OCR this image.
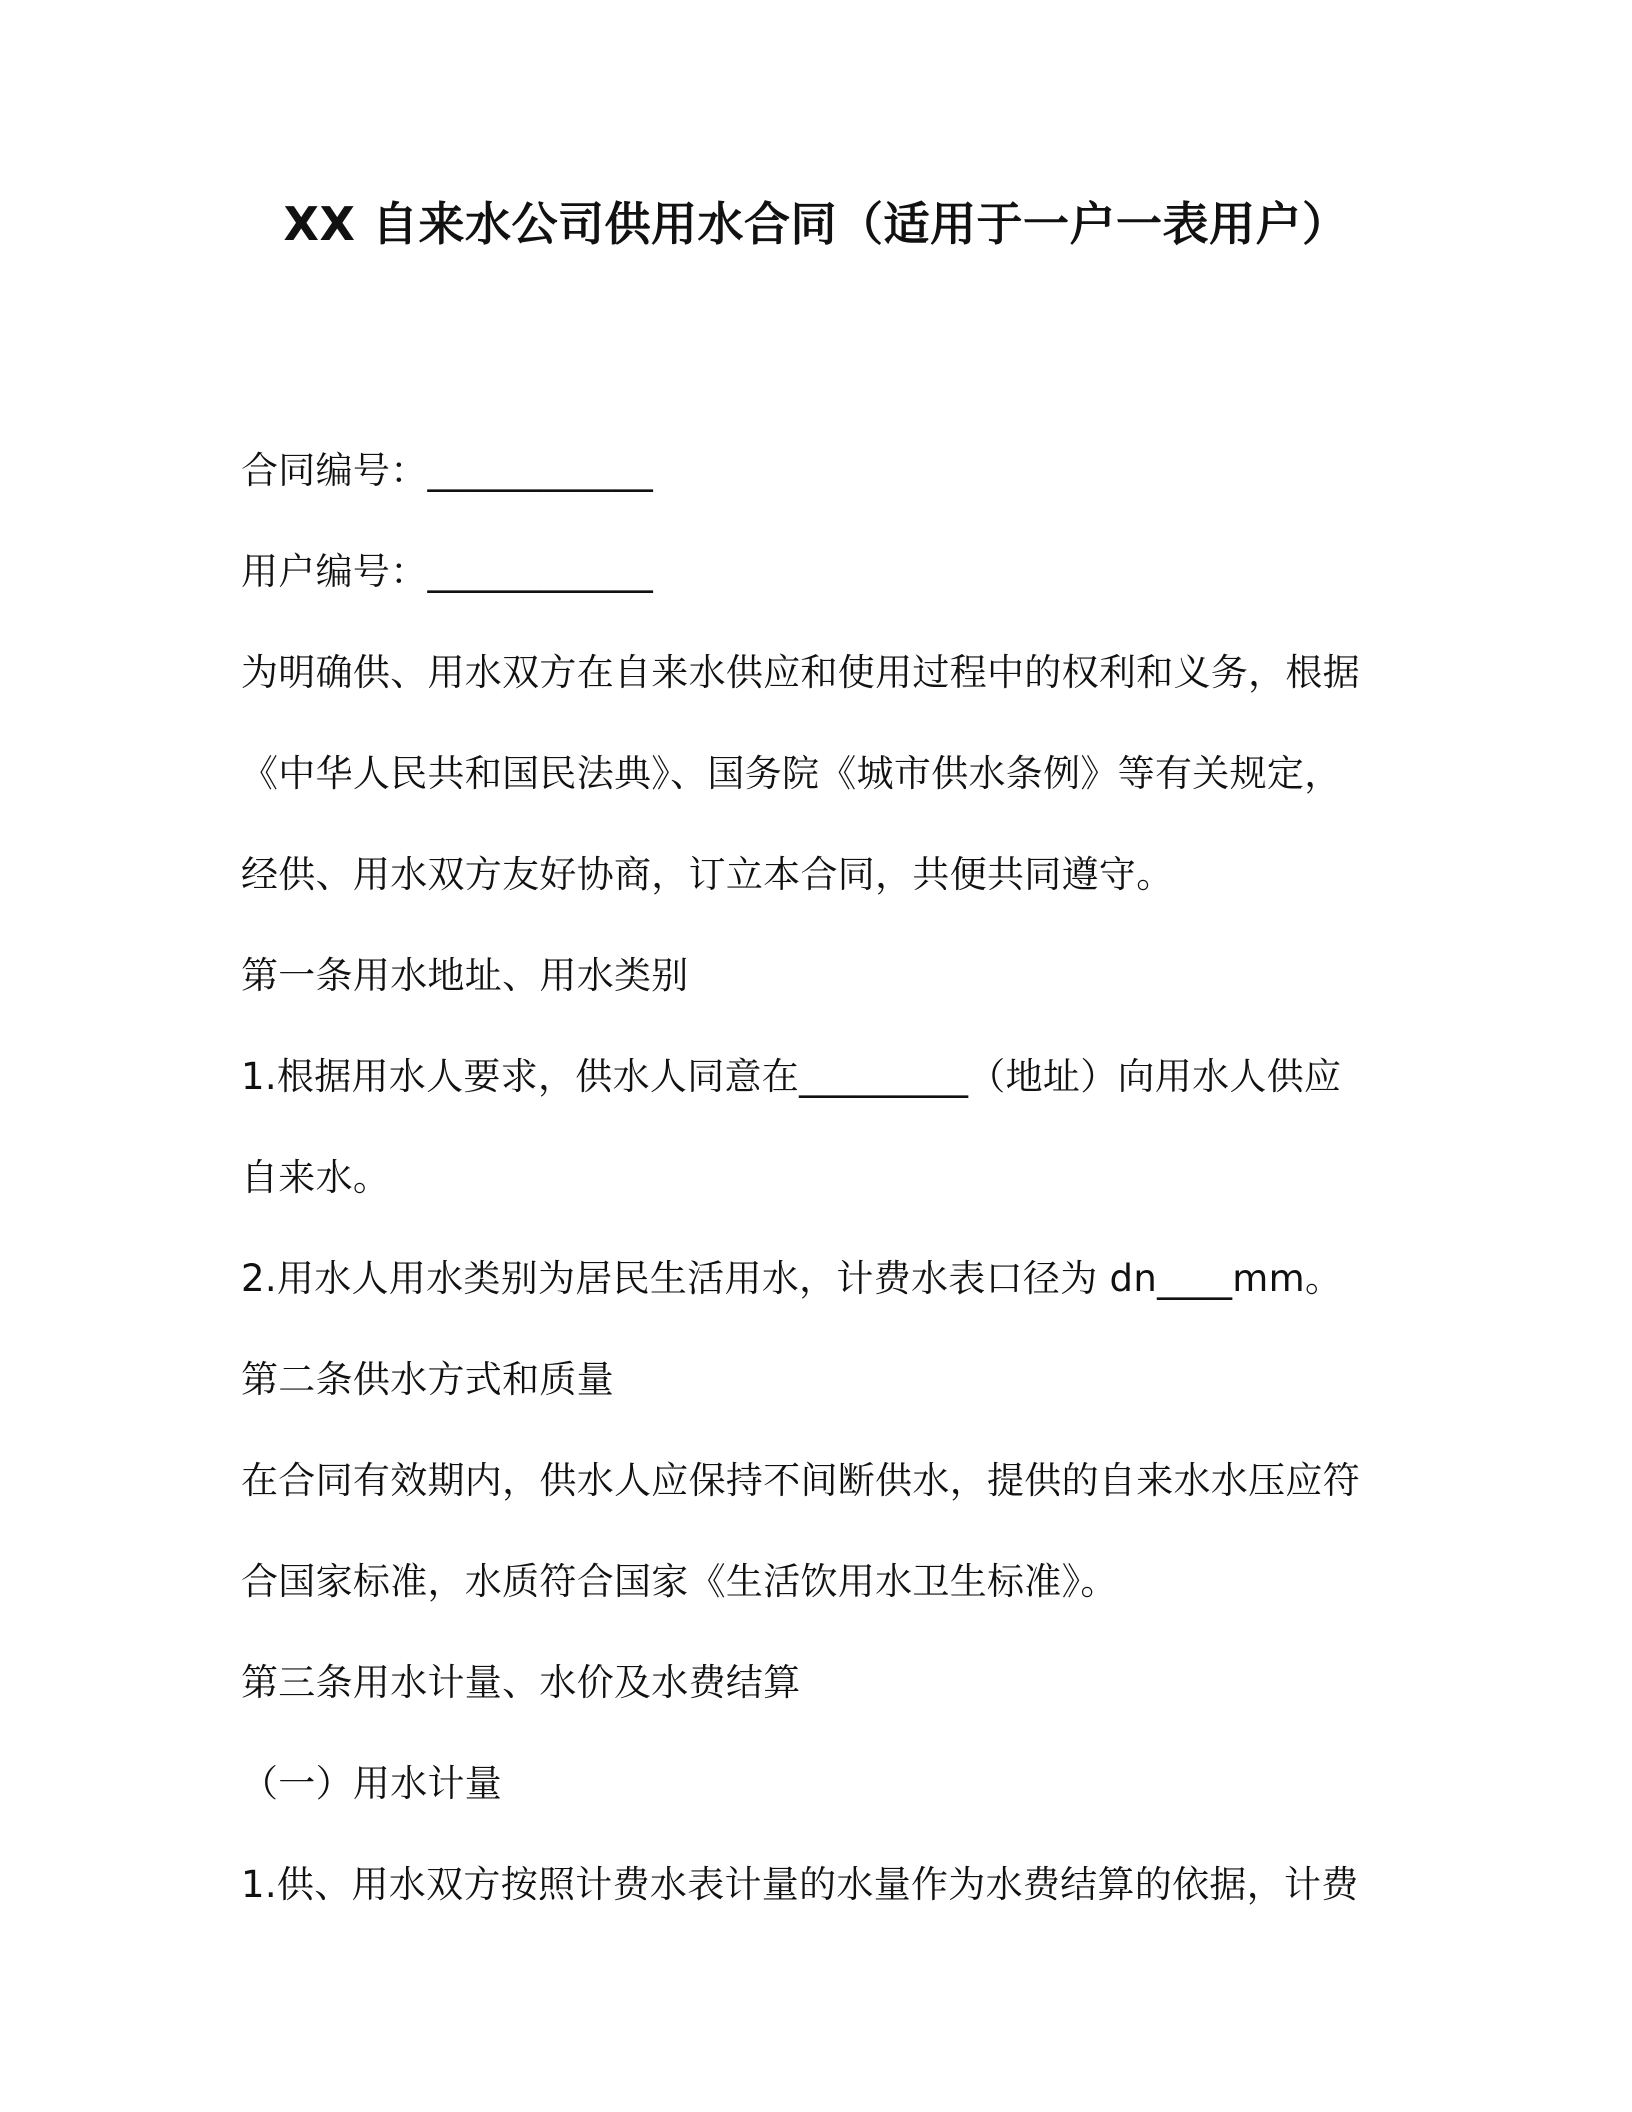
XX 自来水公司供用水合同（适用于一户一表用户）
合同编号：____________
用户编号：____________
为明确供、用水双方在自来水供应和使用过程中的权利和义务，根据
《中华人民共和国民法典》、国务院《城市供水条例》等有关规定，
经供、用水双方友好协商，订立本合同，共便共同遵守。
第一条用水地址、用水类别
1.根据用水人要求，供水人同意在_________（地址）向用水人供应
自来水。
2.用水人用水类别为居民生活用水，计费水表口径为 dn____mm。
第二条供水方式和质量
在合同有效期内，供水人应保持不间断供水，提供的自来水水压应符
合国家标准，水质符合国家《生活饮用水卫生标准》。
第三条用水计量、水价及水费结算
（一）用水计量
1.供、用水双方按照计费水表计量的水量作为水费结算的依据，计费
